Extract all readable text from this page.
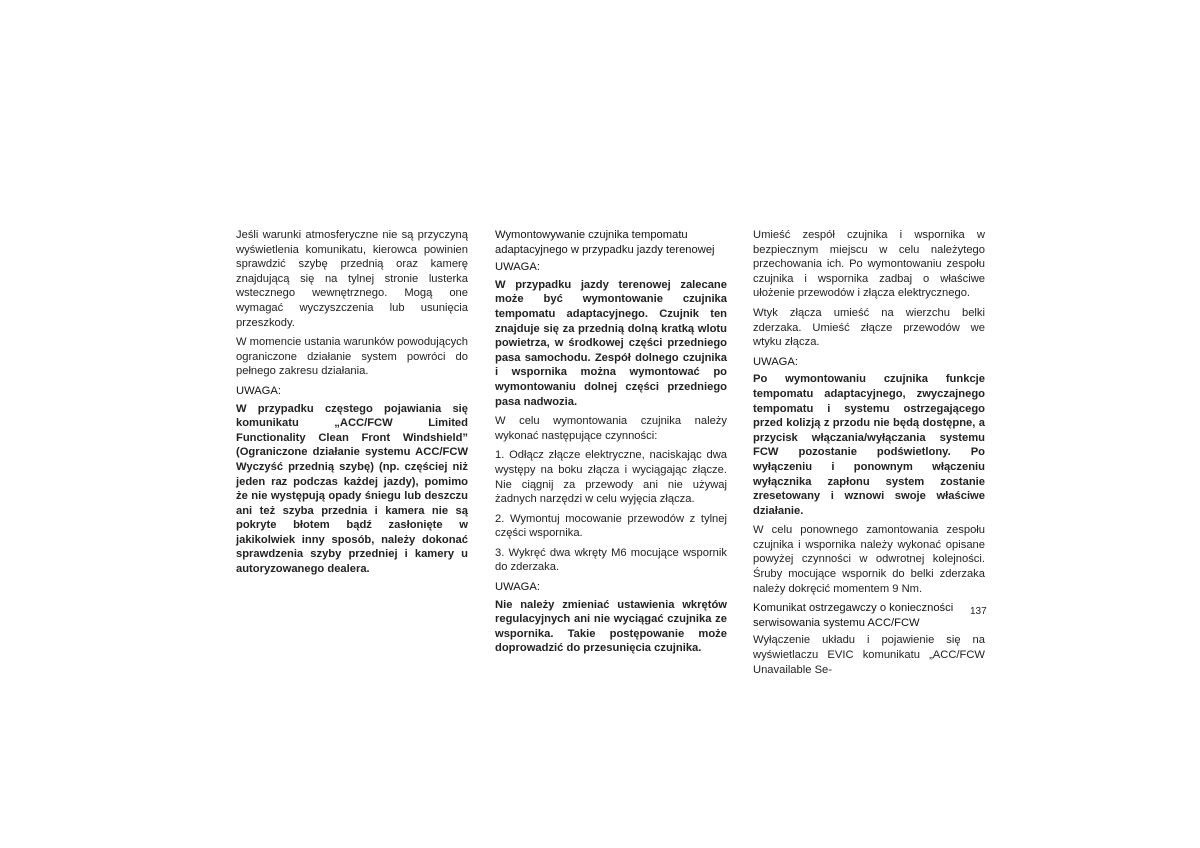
Jeśli warunki atmosferyczne nie są przyczyną wyświetlenia komunikatu, kierowca powinien sprawdzić szybę przednią oraz kamerę znajdującą się na tylnej stronie lusterka wstecznego wewnętrznego. Mogą one wymagać wyczyszczenia lub usunięcia przeszkody.

W momencie ustania warunków powodujących ograniczone działanie system powróci do pełnego zakresu działania.

UWAGA:

W przypadku częstego pojawiania się komunikatu „ACC/FCW Limited Functionality Clean Front Windshield” (Ograniczone działanie systemu ACC/FCW Wyczyść przednią szybę) (np. częściej niż jeden raz podczas każdej jazdy), pomimo że nie występują opady śniegu lub deszczu ani też szyba przednia i kamera nie są pokryte błotem bądź zasłonięte w jakikolwiek inny sposób, należy dokonać sprawdzenia szyby przedniej i kamery u autoryzowanego dealera.

Wymontowywanie czujnika tempomatu adaptacyjnego w przypadku jazdy terenowej

UWAGA:

W przypadku jazdy terenowej zalecane może być wymontowanie czujnika tempomatu adaptacyjnego. Czujnik ten znajduje się za przednią dolną kratką wlotu powietrza, w środkowej części przedniego pasa samochodu. Zespół dolnego czujnika i wspornika można wymontować po wymontowaniu dolnej części przedniego pasa nadwozia.

W celu wymontowania czujnika należy wykonać następujące czynności:

1. Odłącz złącze elektryczne, naciskając dwa występy na boku złącza i wyciągając złącze. Nie ciągnij za przewody ani nie używaj żadnych narzędzi w celu wyjęcia złącza.

2. Wymontuj mocowanie przewodów z tylnej części wspornika.

3. Wykręć dwa wkręty M6 mocujące wspornik do zderzaka.

UWAGA:

Nie należy zmieniać ustawienia wkrętów regulacyjnych ani nie wyciągać czujnika ze wspornika. Takie postępowanie może doprowadzić do przesunięcia czujnika.

Umieść zespół czujnika i wspornika w bezpiecznym miejscu w celu należytego przechowania ich. Po wymontowaniu zespołu czujnika i wspornika zadbaj o właściwe ułożenie przewodów i złącza elektrycznego.

Wtyk złącza umieść na wierzchu belki zderzaka. Umieść złącze przewodów we wtyku złącza.

UWAGA:

Po wymontowaniu czujnika funkcje tempomatu adaptacyjnego, zwyczajnego tempomatu i systemu ostrzegającego przed kolizją z przodu nie będą dostępne, a przycisk włączania/wyłączania systemu FCW pozostanie podświetlony. Po wyłączeniu i ponownym włączeniu wyłącznika zapłonu system zostanie zresetowany i wznowi swoje właściwe działanie.

W celu ponownego zamontowania zespołu czujnika i wspornika należy wykonać opisane powyżej czynności w odwrotnej kolejności. Śruby mocujące wspornik do belki zderzaka należy dokręcić momentem 9 Nm.

Komunikat ostrzegawczy o konieczności serwisowania systemu ACC/FCW

Wyłączenie układu i pojawienie się na wyświetlaczu EVIC komunikatu „ACC/FCW Unavailable Se-

137
